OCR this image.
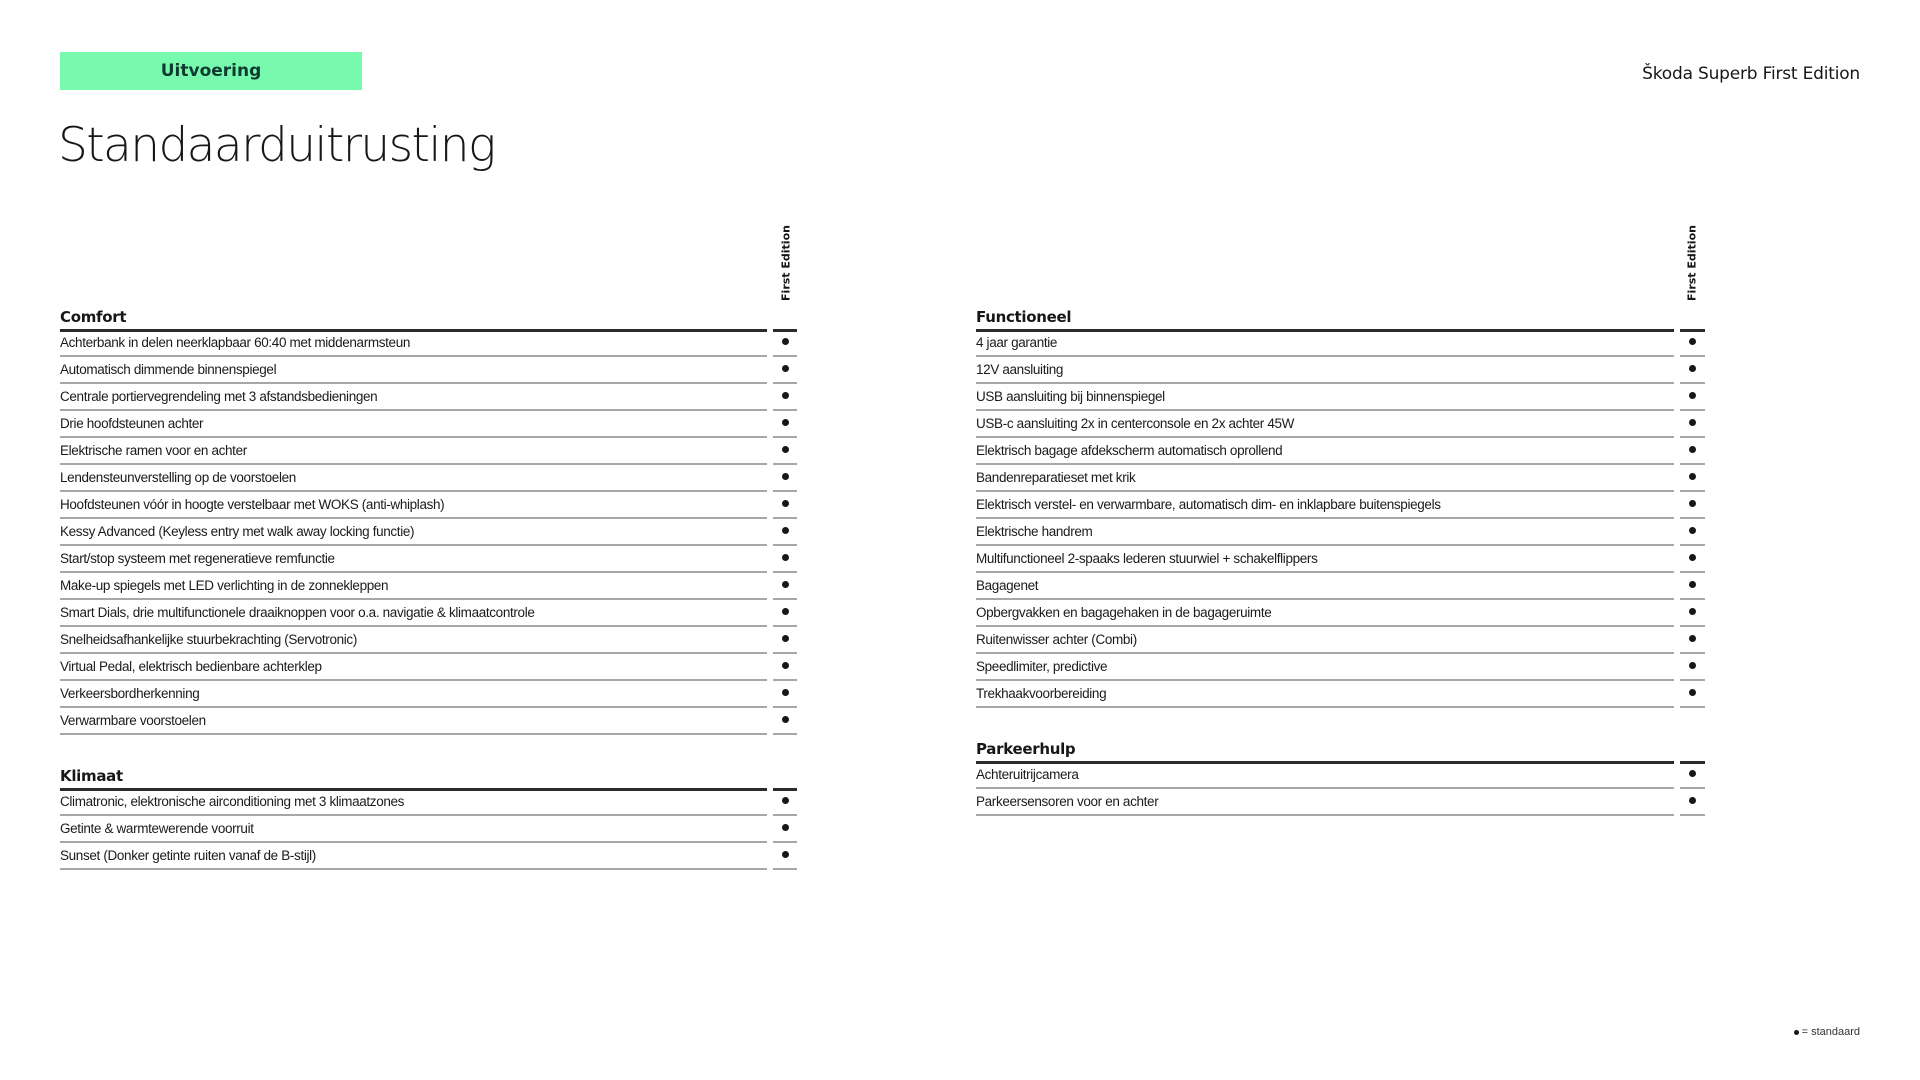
Uitvoering	Škoda Superb First Edition
Standaarduitrusting
First Edition
Comfort
Achterbank in delen neerklapbaar 60:40 met middenarmsteun
Automatisch dimmende binnenspiegel
Centrale portiervegrendeling met 3 afstandsbedieningen
Drie hoofdsteunen achter
Elektrische ramen voor en achter
Lendensteunverstelling op de voorstoelen
Hoofdsteunen vóór in hoogte verstelbaar met WOKS (anti-whiplash)
Kessy Advanced (Keyless entry met walk away locking functie)
Start/stop systeem met regeneratieve remfunctie
Make-up spiegels met LED verlichting in de zonnekleppen
Smart Dials, drie multifunctionele draaiknoppen voor o.a. navigatie & klimaatcontrole
Snelheidsafhankelijke stuurbekrachting (Servotronic)
Virtual Pedal, elektrisch bedienbare achterklep
Verkeersbordherkenning
Verwarmbare voorstoelen
Klimaat
Climatronic, elektronische airconditioning met 3 klimaatzones
Getinte & warmtewerende voorruit
Sunset (Donker getinte ruiten vanaf de B-stijl)
First Edition
Functioneel
4 jaar garantie
12V aansluiting
USB aansluiting bij binnenspiegel
USB-c aansluiting 2x in centerconsole en 2x achter 45W
Elektrisch bagage afdekscherm automatisch oprollend
Bandenreparatieset met krik
Elektrisch verstel- en verwarmbare, automatisch dim- en inklapbare buitenspiegels
Elektrische handrem
Multifunctioneel 2-spaaks lederen stuurwiel + schakelflippers
Bagagenet
Opbergvakken en bagagehaken in de bagageruimte
Ruitenwisser achter (Combi)
Speedlimiter, predictive
Trekhaakvoorbereiding
Parkeerhulp
Achteruitrijcamera
Parkeersensoren voor en achter
= standaard
